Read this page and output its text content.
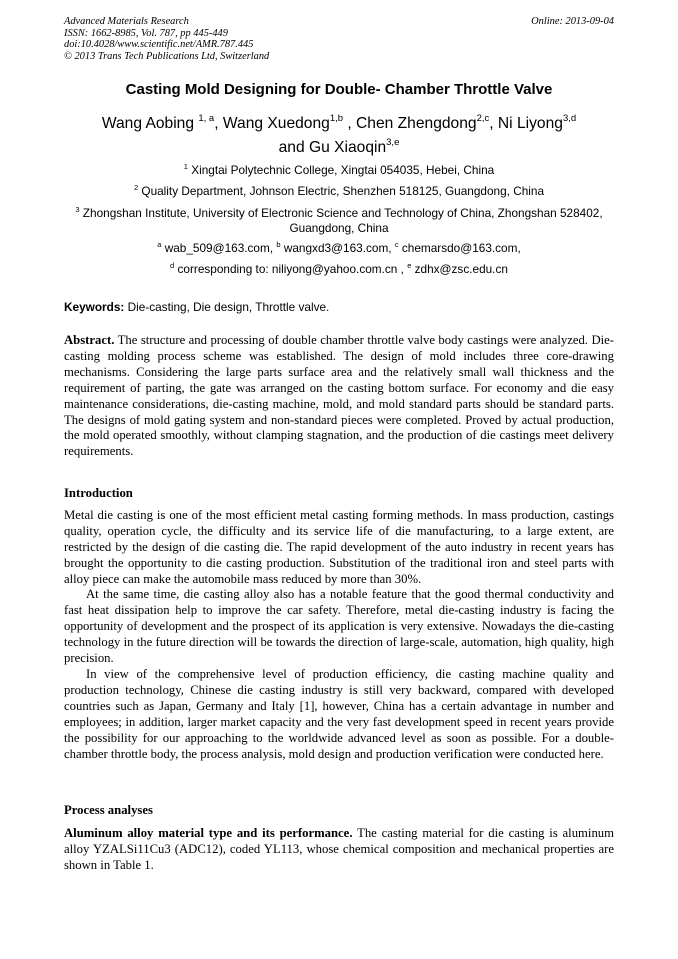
Advanced Materials Research
ISSN: 1662-8985, Vol. 787, pp 445-449
doi:10.4028/www.scientific.net/AMR.787.445
© 2013 Trans Tech Publications Ltd, Switzerland
Online: 2013-09-04
Casting Mold Designing for Double- Chamber Throttle Valve
Wang Aobing $^{1, a}$, Wang Xuedong$^{1,b}$ , Chen Zhengdong$^{2,c}$, Ni Liyong$^{3,d}$
and Gu Xiaoqin$^{3,e}$
$^1$ Xingtai Polytechnic College, Xingtai 054035, Hebei, China
$^2$ Quality Department, Johnson Electric, Shenzhen 518125, Guangdong, China
$^3$ Zhongshan Institute, University of Electronic Science and Technology of China, Zhongshan 528402, Guangdong, China
$^a$ wab_509@163.com, $^b$ wangxd3@163.com, $^c$ chemarsdo@163.com,
$^d$ corresponding to: niliyong@yahoo.com.cn , $^e$ zdhx@zsc.edu.cn
Keywords: Die-casting, Die design, Throttle valve.
Abstract. The structure and processing of double chamber throttle valve body castings were analyzed. Die-casting molding process scheme was established. The design of mold includes three core-drawing mechanisms. Considering the large parts surface area and the relatively small wall thickness and the requirement of parting, the gate was arranged on the casting bottom surface. For economy and die easy maintenance considerations, die-casting machine, mold, and mold standard parts should be standard parts. The designs of mold gating system and non-standard pieces were completed. Proved by actual production, the mold operated smoothly, without clamping stagnation, and the production of die castings meet delivery requirements.
Introduction
Metal die casting is one of the most efficient metal casting forming methods. In mass production, castings quality, operation cycle, the difficulty and its service life of die manufacturing, to a large extent, are restricted by the design of die casting die. The rapid development of the auto industry in recent years has brought the opportunity to die casting production. Substitution of the traditional iron and steel parts with alloy piece can make the automobile mass reduced by more than 30%.
At the same time, die casting alloy also has a notable feature that the good thermal conductivity and fast heat dissipation help to improve the car safety. Therefore, metal die-casting industry is facing the opportunity of development and the prospect of its application is very extensive. Nowadays the die-casting technology in the future direction will be towards the direction of large-scale, automation, high quality, high precision.
In view of the comprehensive level of production efficiency, die casting machine quality and production technology, Chinese die casting industry is still very backward, compared with developed countries such as Japan, Germany and Italy [1], however, China has a certain advantage in number and employees; in addition, larger market capacity and the very fast development speed in recent years provide the possibility for our approaching to the worldwide advanced level as soon as possible. For a double-chamber throttle body, the process analysis, mold design and production verification were conducted here.
Process analyses
Aluminum alloy material type and its performance. The casting material for die casting is aluminum alloy YZALSi11Cu3 (ADC12), coded YL113, whose chemical composition and mechanical properties are shown in Table 1.
